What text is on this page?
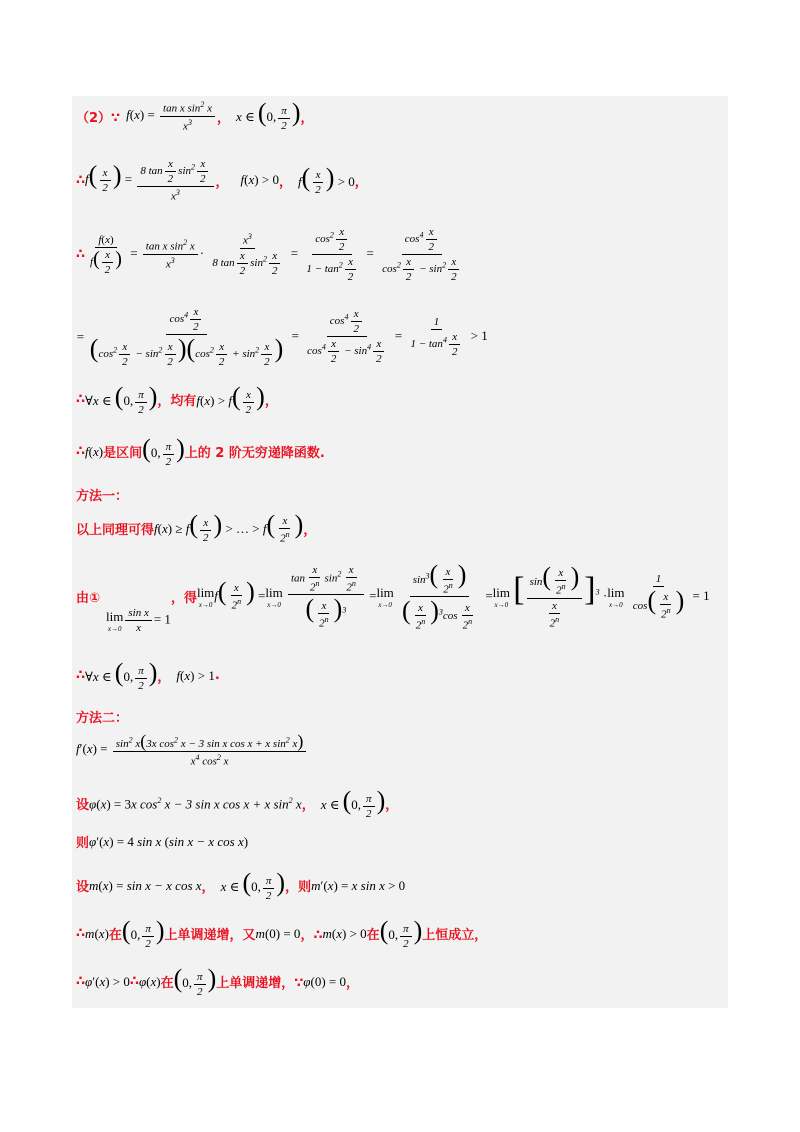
（2）∵ $f(x) = \frac{\tan x \sin^2 x}{x^3}$ ， x ∈ (0, $\frac{\pi}{2}$ ) ，
∴ $f( \frac{x}{2}$ ) = $\frac{8 \tan \frac{x}{2} \sin^2 \frac{x}{2}}{x^3}$ ， f(x) > 0 ， $f( \frac{x}{2}$ ) > 0 ，
∴ $\frac{f(x)}{f( \frac{x}{2} )} = \frac{\tan x \sin^2 x}{x^3} \cdot \frac{x^3}{8 \tan \frac{x}{2} \sin^2 \frac{x}{2}} = \frac{\cos^2 \frac{x}{2}}{1 - \tan^2 \frac{x}{2}} = \frac{\cos^4 \frac{x}{2}}{\cos^2 \frac{x}{2} - \sin^2 \frac{x}{2}}$
= $\frac{\cos^4 \frac{x}{2}}{(\cos^2 \frac{x}{2} - \sin^2 \frac{x}{2} )(\cos^2 \frac{x}{2} + \sin^2 \frac{x}{2} )} = \frac{\cos^4 \frac{x}{2}}{\cos^4 \frac{x}{2} - \sin^4 \frac{x}{2}} = \frac{1}{1 - \tan^4 \frac{x}{2}} > 1$
∴ ∀x ∈ (0, $\frac{\pi}{2}$ ) ，均有 $f(x) > f( \frac{x}{2}$ ) ，
∴ f(x) 是区间 (0, $\frac{\pi}{2}$ ) 上的 2 阶无穷递降函数.
方法一：
以上同理可得 $f(x) \ge f( \frac{x}{2}$ ) > … > $f( \frac{x}{2^n}$ ) ，
由①
lim
$x\to 0 \frac{\text{sin x}}{x} = 1$
，得 lim
x→0
$f( \frac{x}{2^n}$ ) =lim
x→0
$\frac{\tan \frac{x}{2^n} \sin^2 \frac{x}{2^n}}{( \frac{x}{2^n} )^3} =\lim$
x→0
$\frac{\sin^3( \frac{x}{2^n} )}{( \frac{x}{2^n} )^3\cos \frac{x}{2^n}} =\lim$
x→0 [ $\frac{\sin( \frac{x}{2^n} )}{\frac{x}{2^n}} ]^3 \cdot\lim$
x→0
$\frac{1}{\cos( \frac{x}{2^n} )} = 1$
∴ ∀x ∈ (0, $\frac{\pi}{2}$ ) ， f(x) > 1 .
方法二：
$f'(x) = \frac{\sin^2 x(3x \cos^2 x - 3 \sin x \cos x + x \sin^2 x)}{x^4 \cos^2 x}$
设 φ(x) = 3x $\cos^2 x - 3$ sin x cos x + x $\sin^2 x$ ， x ∈ (0, $\frac{\pi}{2}$ ) ，
则 φ′(x) = 4 sin x (sin x − x cos x)
设 m(x) = sin x − x cos x ， x ∈ (0, $\frac{\pi}{2}$ ) ，则 m′(x) = x sin x > 0
∴ m(x) 在 (0, $\frac{\pi}{2}$ ) 上单调递增，又 m(0) = 0 ，∴ m(x) > 0 在 (0, $\frac{\pi}{2}$ ) 上恒成立，
∴ φ′(x) > 0 ∴ φ(x) 在 (0, $\frac{\pi}{2}$ ) 上单调递增，∵ φ(0) = 0 ，
